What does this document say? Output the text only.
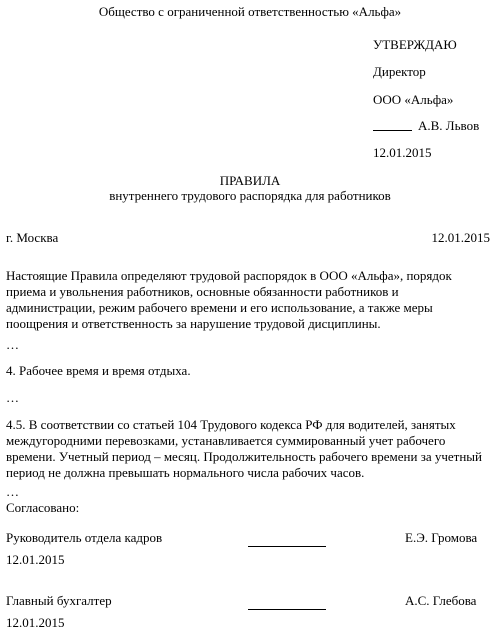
Общество с ограниченной ответственностью «Альфа»
УТВЕРЖДАЮ
Директор
ООО «Альфа»
А.В. Львов
12.01.2015
ПРАВИЛА
внутреннего трудового распорядка для работников
г. Москва	12.01.2015
Настоящие Правила определяют трудовой распорядок в ООО «Альфа», порядок приема и увольнения работников, основные обязанности работников и администрации, режим рабочего времени и его использование, а также меры поощрения и ответственность за нарушение трудовой дисциплины.
…
4. Рабочее время и время отдыха.
…
4.5. В соответствии со статьей 104 Трудового кодекса РФ для водителей, занятых междугородними перевозками, устанавливается суммированный учет рабочего времени. Учетный период – месяц. Продолжительность рабочего времени за учетный период не должна превышать нормального числа рабочих часов.
…
Согласовано:
Руководитель отдела кадров	Е.Э. Громова
12.01.2015
Главный бухгалтер	А.С. Глебова
12.01.2015
